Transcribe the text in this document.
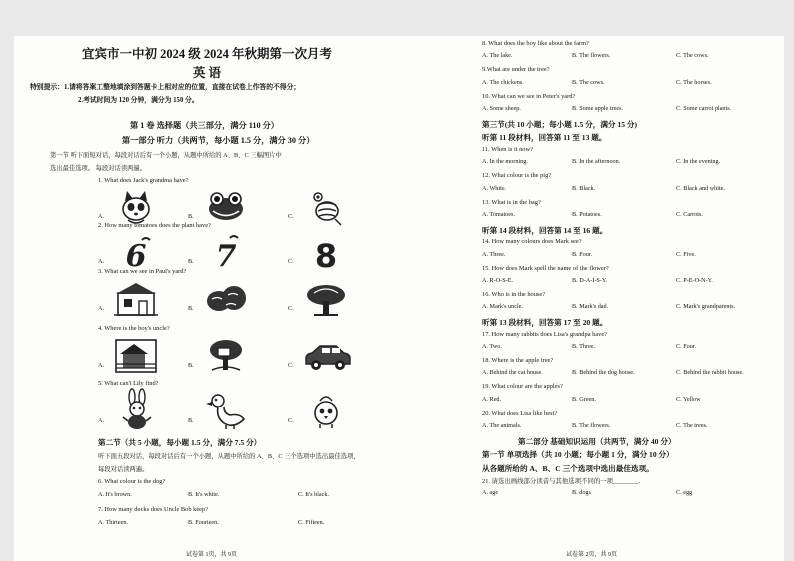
宜宾市一中初 2024 级 2024 年秋期第一次月考
英 语
特别提示：1.请将答案工整地填涂到答题卡上相对应的位置，直接在试卷上作答的不得分；
2.考试时间为 120 分钟，满分为 150 分。
第 1 卷 选择题（共三部分，满分 110 分）
第一部分 听力（共两节，每小题 1.5 分，满分 30 分）
第一节 听下面短对话，每段对话后有一个小题，从题中所给的 A、B、C 三幅图片中
选出最佳选项。 每段对话读两遍。
1. What does Jack's grandma have?
A.	B.	C.
2. How many tomatoes does the plant have?
A. 6	B. 7	C. 8
3. What can we see in Paul's yard?
A.	B.	C.
4. Where is the boy's uncle?
A.	B.	C.
5. What can't Lily find?
A.	B.	C.
第二节（共 5 小题，每小题 1.5 分，满分 7.5 分）
听下面五段对话，每段对话后有一个小题，从题中所给的 A、B、C 三个选项中选出最佳选项，
每段对话读两遍。
6. What colour is the dog?
A. It's brown.	B. It's white.	C. It's black.
7. How many ducks does Uncle Bob keep?
A. Thirteen.	B. Fourteen.	C. Fifteen.
试卷第 1页，共 9页
8. What does the boy like about the farm?
A. The lake.	B. The flowers.	C. The cows.
9.What are under the tree?
A. The chickens.	B. The cows.	C. The horses.
10. What can we see in Peter's yard?
A. Some sheep.	B. Some apple trees.	C. Some carrot plants.
第三节(共 10 小题；每小题 1.5 分，满分 15 分)
听第 11 段材料，回答第 11 至 13 题。
11. When is it now?
A. In the morning.	B. In the afternoon.	C. In the evening.
12. What colour is the pig?
A. White.	B. Black.	C. Black and white.
13. What is in the bag?
A. Tomatoes.	B. Potatoes.	C. Carrots.
听第 14 段材料，回答第 14 至 16 题。
14. How many colours does Mark see?
A. Three.	B. Four.	C. Five.
15. How does Mark spell the name of the flower?
A. R-O-S-E.	B. D-A-I-S-Y.	C. P-E-O-N-Y.
16. Who is in the house?
A. Mark's uncle.	B. Mark's dad.	C. Mark's grandparents.
听第 13 段材料，回答第 17 至 20 题。
17. How many rabbits does Lisa's grandpa have?
A. Two.	B. Three.	C. Four.
18. Where is the apple tree?
A. Behind the cat house.	B. Behind the dog house.	C. Behind the rabbit house.
19. What colour are the apples?
A. Red.	B. Green.	C. Yellow
20. What does Lisa like best?
A. The animals.	B. The flowers.	C. The trees.
第二部分 基础知识运用（共两节，满分 40 分）
第一节 单项选择（共 10 小题；每小题 1 分，满分 10 分）
从各题所给的 A、B、C 三个选项中选出最佳选项。
21. 请选出画线部分读音与其他选项不同的一项________.
A. age	B. dogs	C. egg
试卷第 2页，共 9页
